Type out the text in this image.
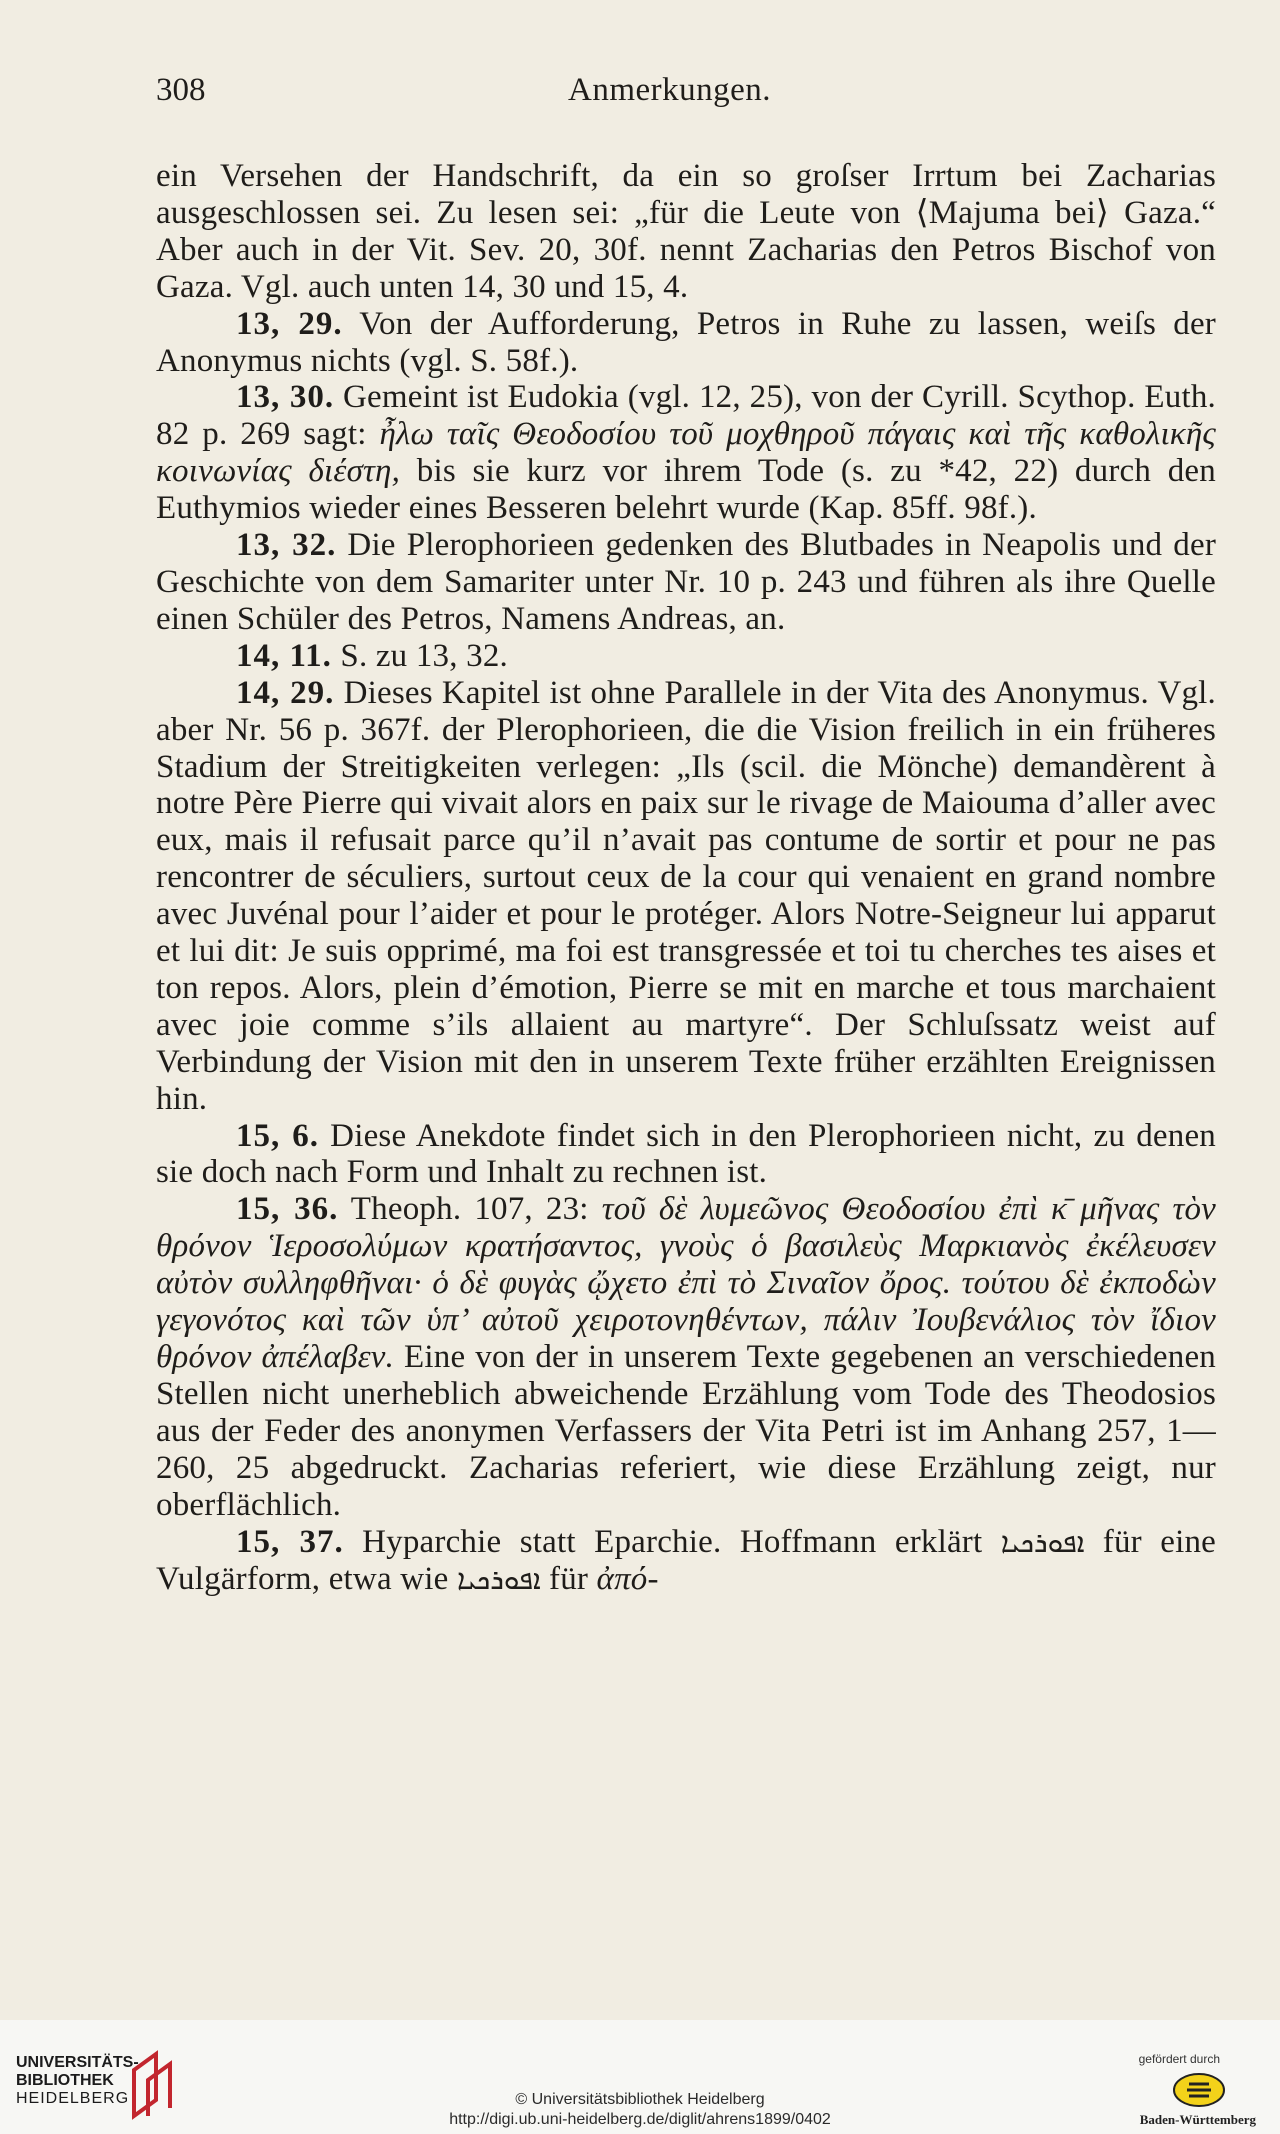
308	Anmerkungen.

ein Versehen der Handschrift, da ein so groſser Irrtum bei Zacharias ausgeschlossen sei. Zu lesen sei: „für die Leute von ⟨Majuma bei⟩ Gaza.“ Aber auch in der Vit. Sev. 20, 30f. nennt Zacharias den Petros Bischof von Gaza. Vgl. auch unten 14, 30 und 15, 4.

13, 29. Von der Aufforderung, Petros in Ruhe zu lassen, weiſs der Anonymus nichts (vgl. S. 58f.).

13, 30. Gemeint ist Eudokia (vgl. 12, 25), von der Cyrill. Scythop. Euth. 82 p. 269 sagt: ἦλω ταῖς Θεοδοσίου τοῦ μοχθηροῦ πάγαις καὶ τῆς καθολικῆς κοινωνίας διέστη, bis sie kurz vor ihrem Tode (s. zu *42, 22) durch den Euthymios wieder eines Besseren belehrt wurde (Kap. 85ff. 98f.).

13, 32. Die Plerophorieen gedenken des Blutbades in Neapolis und der Geschichte von dem Samariter unter Nr. 10 p. 243 und führen als ihre Quelle einen Schüler des Petros, Namens Andreas, an.

14, 11. S. zu 13, 32.

14, 29. Dieses Kapitel ist ohne Parallele in der Vita des Anonymus. Vgl. aber Nr. 56 p. 367f. der Plerophorieen, die die Vision freilich in ein früheres Stadium der Streitigkeiten verlegen: „Ils (scil. die Mönche) demandèrent à notre Père Pierre qui vivait alors en paix sur le rivage de Maiouma d’aller avec eux, mais il refusait parce qu’il n’avait pas contume de sortir et pour ne pas rencontrer de séculiers, surtout ceux de la cour qui venaient en grand nombre avec Juvénal pour l’aider et pour le protéger. Alors Notre-Seigneur lui apparut et lui dit: Je suis opprimé, ma foi est transgressée et toi tu cherches tes aises et ton repos. Alors, plein d’émotion, Pierre se mit en marche et tous marchaient avec joie comme s’ils allaient au martyre“. Der Schluſssatz weist auf Verbindung der Vision mit den in unserem Texte früher erzählten Ereignissen hin.

15, 6. Diese Anekdote findet sich in den Plerophorieen nicht, zu denen sie doch nach Form und Inhalt zu rechnen ist.

15, 36. Theoph. 107, 23: τοῦ δὲ λυμεῶνος Θεοδοσίου ἐπὶ κ̄ μῆνας τὸν θρόνον Ἱεροσολύμων κρατήσαντος, γνοὺς ὁ βασιλεὺς Μαρκιανὸς ἐκέλευσεν αὐτὸν συλληφθῆναι· ὁ δὲ φυγὰς ᾤχετο ἐπὶ τὸ Σιναῖον ὄρος. τούτου δὲ ἐκποδὼν γεγονότος καὶ τῶν ὑπ’ αὐτοῦ χειροτονηθέντων, πάλιν Ἰουβενάλιος τὸν ἴδιον θρόνον ἀπέλαβεν. Eine von der in unserem Texte gegebenen an verschiedenen Stellen nicht unerheblich abweichende Erzählung vom Tode des Theodosios aus der Feder des anonymen Verfassers der Vita Petri ist im Anhang 257, 1—260, 25 abgedruckt. Zacharias referiert, wie diese Erzählung zeigt, nur oberflächlich.

15, 37. Hyparchie statt Eparchie. Hoffmann erklärt ܐܦܘܪܟܝܐ für eine Vulgärform, etwa wie ܐܦܘܪܟܝܐ für ἀπό-

UNIVERSITÄTS-
BIBLIOTHEK
HEIDELBERG	© Universitätsbibliothek Heidelberg
http://digi.ub.uni-heidelberg.de/diglit/ahrens1899/0402
gefördert durch
Baden-Württemberg
